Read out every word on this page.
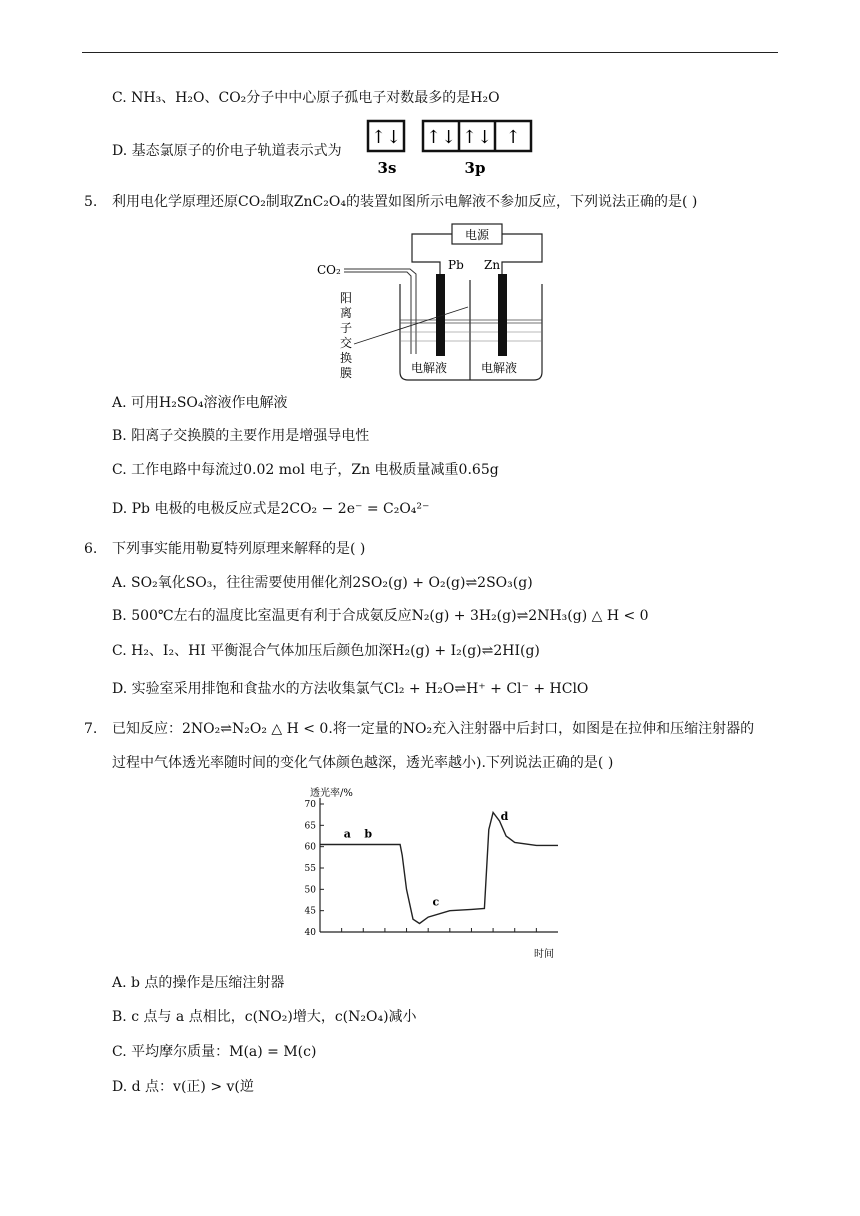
C. NH₃、H₂O、CO₂分子中中心原子孤电子对数最多的是H₂O
D. 基态氯原子的价电子轨道表示式为
↑↓ ↑↓ ↑↓ ↑
3s	3p
5. 利用电化学原理还原CO₂制取ZnC₂O₄的装置如图所示电解液不参加反应，下列说法正确的是( )
电源
Pb Zn
CO₂
阳
离
子
交
换
膜	电解液	电解液
A. 可用H₂SO₄溶液作电解液
B. 阳离子交换膜的主要作用是增强导电性
C. 工作电路中每流过0.02 mol 电子，Zn 电极质量减重0.65g
D. Pb 电极的电极反应式是2CO₂ − 2e⁻ = C₂O₄²⁻
6. 下列事实能用勒夏特列原理来解释的是( )
A. SO₂氧化SO₃，往往需要使用催化剂2SO₂(g) + O₂(g)⇌2SO₃(g)
B. 500℃左右的温度比室温更有利于合成氨反应N₂(g) + 3H₂(g)⇌2NH₃(g) △ H < 0
C. H₂、I₂、HI 平衡混合气体加压后颜色加深H₂(g) + I₂(g)⇌2HI(g)
D. 实验室采用排饱和食盐水的方法收集氯气Cl₂ + H₂O⇌H⁺ + Cl⁻ + HClO
7. 已知反应：2NO₂⇌N₂O₂ △ H < 0.将一定量的NO₂充入注射器中后封口，如图是在拉伸和压缩注射器的
过程中气体透光率随时间的变化气体颜色越深，透光率越小).下列说法正确的是( )
透光率/%
时间
40
45
50
55
60
65
70
a b
c
d
A. b 点的操作是压缩注射器
B. c 点与 a 点相比，c(NO₂)增大，c(N₂O₄)减小
C. 平均摩尔质量：M(a) = M(c)
D. d 点：v(正) > v(逆
